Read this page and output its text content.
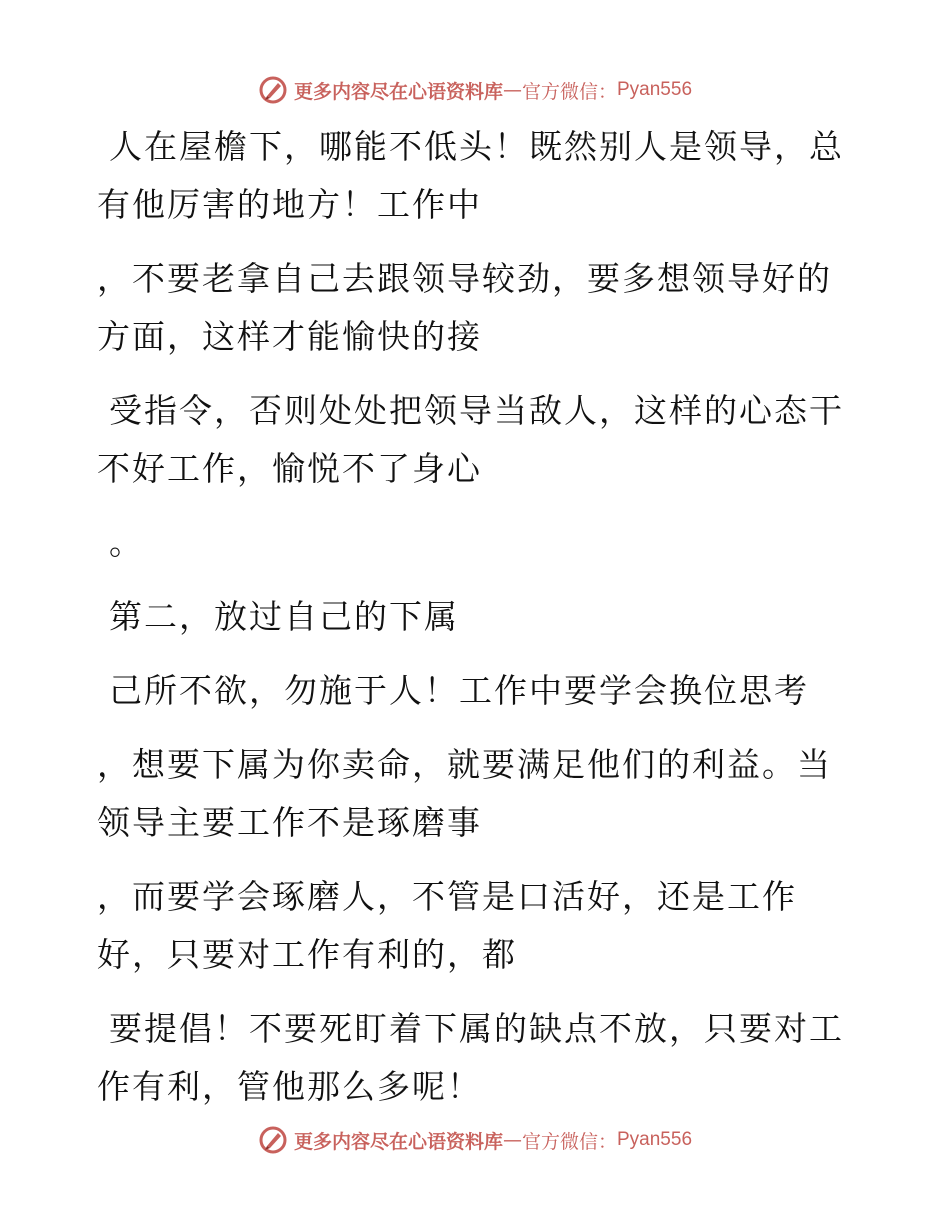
更多内容尽在心语资料库 — 官方微信： Pyan556

人在屋檐下，哪能不低头！既然别人是领导，总
有他厉害的地方！工作中

，不要老拿自己去跟领导较劲，要多想领导好的
方面，这样才能愉快的接

受指令，否则处处把领导当敌人，这样的心态干
不好工作，愉悦不了身心

。

第二，放过自己的下属

己所不欲，勿施于人！工作中要学会换位思考

，想要下属为你卖命，就要满足他们的利益。当
领导主要工作不是琢磨事

，而要学会琢磨人，不管是口活好，还是工作
好，只要对工作有利的，都

要提倡！不要死盯着下属的缺点不放，只要对工
作有利，管他那么多呢！

更多内容尽在心语资料库 — 官方微信： Pyan556
